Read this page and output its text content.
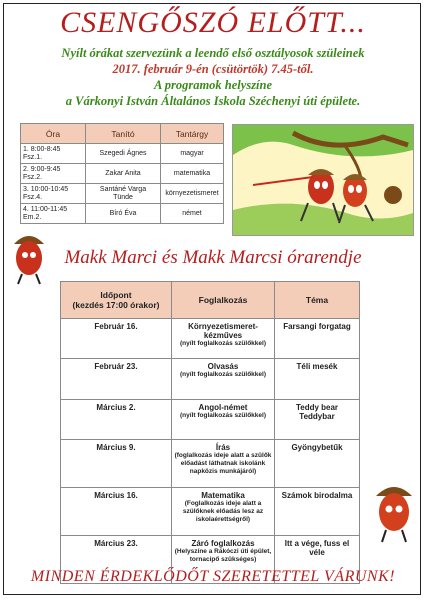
CSENGŐSZÓ ELŐTT...
Nyílt órákat szervezünk a leendő első osztályosok szüleinek
2017. február 9-én (csütörtök) 7.45-től.
A programok helyszíne
a Várkonyi István Általános Iskola Széchenyi úti épülete.
Óra	Tanító	Tantárgy
1. 8:00-8:45
Fsz.1.	Szegedi Ágnes	magyar
2. 9:00-9:45
Fsz.2.	Zakar Anita	matematika
3. 10:00-10:45
Fsz.4.	Santáné Varga
Tünde	környezetismeret
4. 11:00-11:45
Em.2.	Bíró Éva	német
Makk Marci és Makk Marcsi órarendje
Időpont
(kezdés 17:00 órakor)	Foglalkozás	Téma
Február 16.	Környezetismeret-
kézműves
(nyílt foglalkozás szülőkkel)	Farsangi forgatag
Február 23.	Olvasás
(nyílt foglalkozás szülőkkel)	Téli mesék
Március 2.	Angol-német
(nyílt foglalkozás szülőkkel)	Teddy bear
Teddybar
Március 9.	Írás
(foglalkozás ideje alatt a szülők előadást láthatnak iskolánk napközis munkájáról)	Gyöngybetűk
Március 16.	Matematika
(Foglalkozás ideje alatt a szülőknek előadás lesz az iskolaérettségről)	Számok birodalma
Március 23.	Záró foglalkozás
(Helyszíne a Rákóczi úti épület, tornacipő szükséges)	Itt a vége, fuss el véle
MINDEN ÉRDEKLŐDŐT SZERETETTEL VÁRUNK!
